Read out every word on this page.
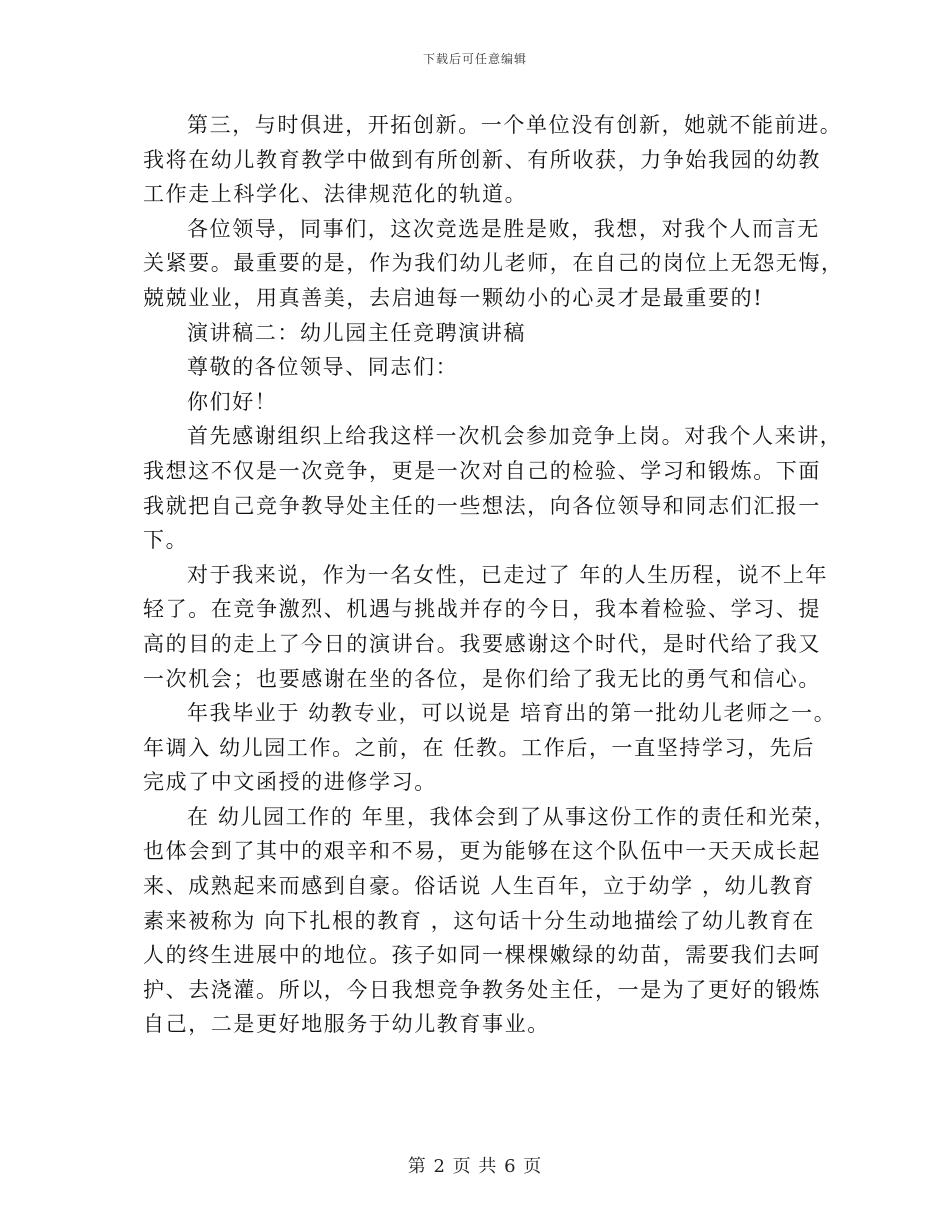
下载后可任意编辑
第三，与时俱进，开拓创新。一个单位没有创新，她就不能前进。
我将在幼儿教育教学中做到有所创新、有所收获，力争始我园的幼教
工作走上科学化、法律规范化的轨道。
各位领导，同事们，这次竞选是胜是败，我想，对我个人而言无
关紧要。最重要的是，作为我们幼儿老师，在自己的岗位上无怨无悔，
兢兢业业，用真善美，去启迪每一颗幼小的心灵才是最重要的!
演讲稿二：幼儿园主任竞聘演讲稿
尊敬的各位领导、同志们：
你们好！
首先感谢组织上给我这样一次机会参加竞争上岗。对我个人来讲，
我想这不仅是一次竞争，更是一次对自己的检验、学习和锻炼。下面
我就把自己竞争教导处主任的一些想法，向各位领导和同志们汇报一
下。
对于我来说，作为一名女性，已走过了 年的人生历程，说不上年
轻了。在竞争激烈、机遇与挑战并存的今日，我本着检验、学习、提
高的目的走上了今日的演讲台。我要感谢这个时代，是时代给了我又
一次机会；也要感谢在坐的各位，是你们给了我无比的勇气和信心。
年我毕业于 幼教专业，可以说是 培育出的第一批幼儿老师之一。
年调入 幼儿园工作。之前，在 任教。工作后，一直坚持学习，先后
完成了中文函授的进修学习。
在 幼儿园工作的 年里，我体会到了从事这份工作的责任和光荣，
也体会到了其中的艰辛和不易，更为能够在这个队伍中一天天成长起
来、成熟起来而感到自豪。俗话说 人生百年，立于幼学 ，幼儿教育
素来被称为 向下扎根的教育 ，这句话十分生动地描绘了幼儿教育在
人的终生进展中的地位。孩子如同一棵棵嫩绿的幼苗，需要我们去呵
护、去浇灌。所以，今日我想竞争教务处主任，一是为了更好的锻炼
自己，二是更好地服务于幼儿教育事业。
第 2 页 共 6 页
